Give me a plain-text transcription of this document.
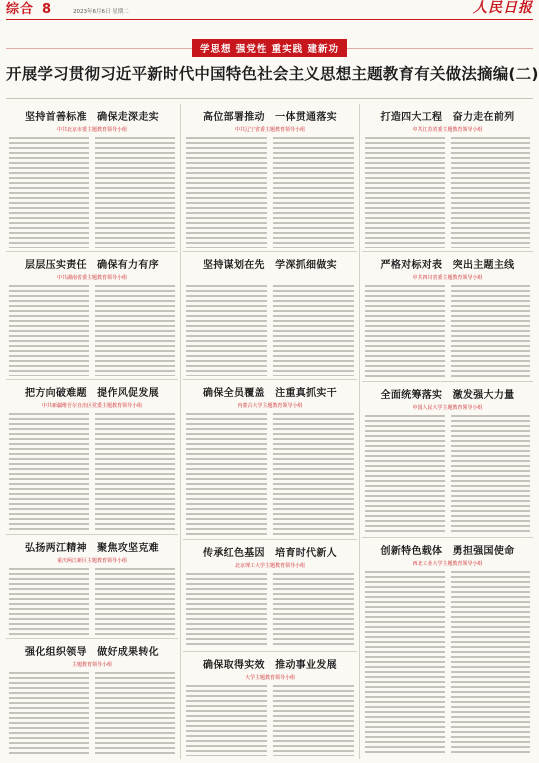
综合 8	2023年6月6日 星期二	人民日报
学思想 强党性 重实践 建新功
开展学习贯彻习近平新时代中国特色社会主义思想主题教育有关做法摘编(二)
坚持首善标准　确保走深走实
中共北京市委主题教育领导小组
层层压实责任　确保有力有序
中共湖南省委主题教育领导小组
把方向破难题　提作风促发展
中共新疆维吾尔自治区党委主题教育领导小组
弘扬两江精神　聚焦攻坚克难
重庆两江新区主题教育领导小组
强化组织领导　做好成果转化
主题教育领导小组
高位部署推动　一体贯通落实
中共辽宁省委主题教育领导小组
坚持谋划在先　学深抓细做实
确保全员覆盖　注重真抓实干
内蒙古大学主题教育领导小组
传承红色基因　培育时代新人
北京理工大学主题教育领导小组
确保取得实效　推动事业发展
大学主题教育领导小组
打造四大工程　奋力走在前列
中共江苏省委主题教育领导小组
严格对标对表　突出主题主线
中共四川省委主题教育领导小组
全面统筹落实　激发强大力量
中国人民大学主题教育领导小组
创新特色载体　勇担强国使命
西北工业大学主题教育领导小组
